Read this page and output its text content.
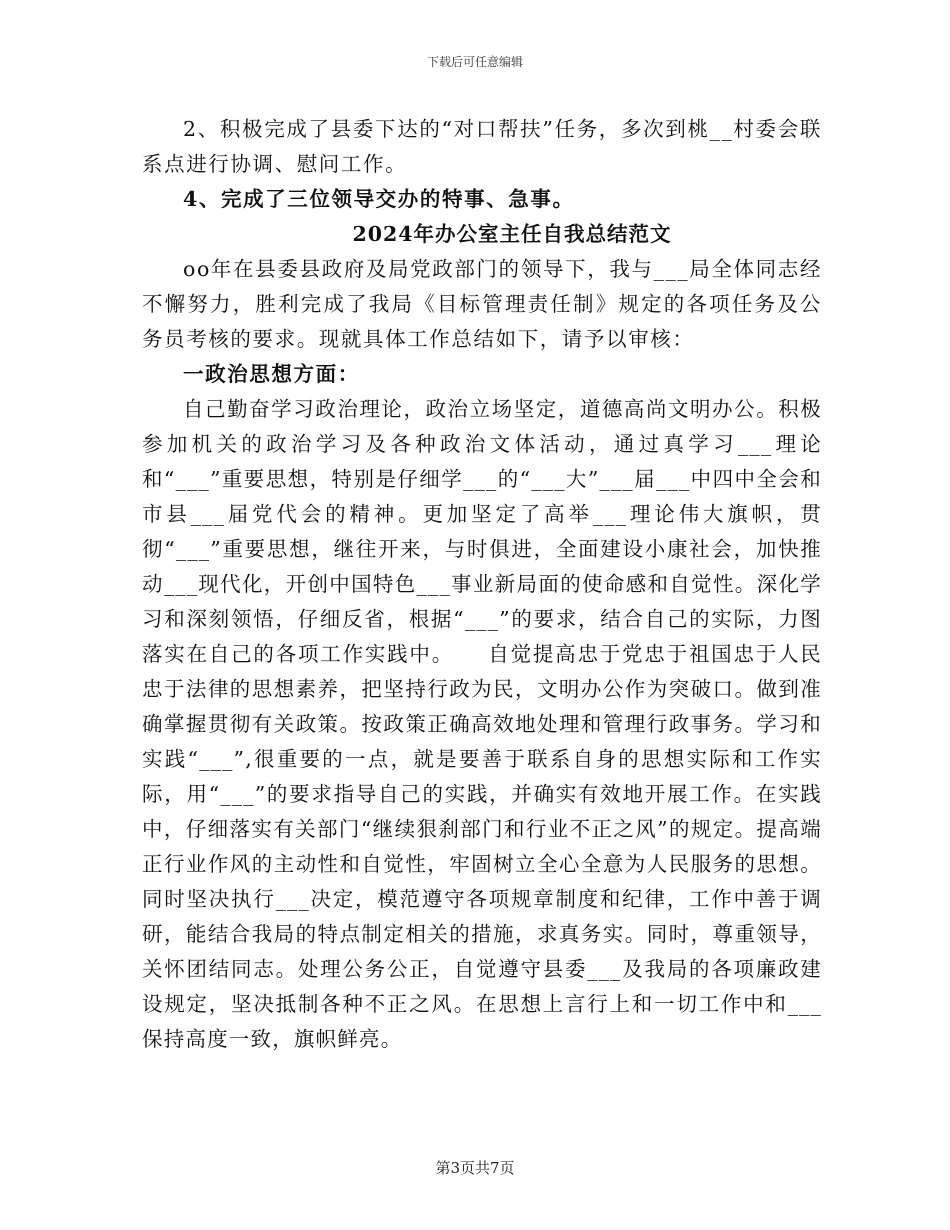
下载后可任意编辑

2、积极完成了县委下达的“对口帮扶”任务，多次到桃__村委会联系点进行协调、慰问工作。

4、完成了三位领导交办的特事、急事。

2024年办公室主任自我总结范文

oo年在县委县政府及局党政部门的领导下，我与___局全体同志经不懈努力，胜利完成了我局《目标管理责任制》规定的各项任务及公务员考核的要求。现就具体工作总结如下，请予以审核：

一政治思想方面：

自己勤奋学习政治理论，政治立场坚定，道德高尚文明办公。积极参加机关的政治学习及各种政治文体活动，通过真学习___理论和“___”重要思想，特别是仔细学___的“___大”___届___中四中全会和市县___届党代会的精神。更加坚定了高举___理论伟大旗帜，贯彻“___”重要思想，继往开来，与时俱进，全面建设小康社会，加快推动___现代化，开创中国特色___事业新局面的使命感和自觉性。深化学习和深刻领悟，仔细反省，根据“___”的要求，结合自己的实际，力图落实在自己的各项工作实践中。　　自觉提高忠于党忠于祖国忠于人民忠于法律的思想素养，把坚持行政为民，文明办公作为突破口。做到准确掌握贯彻有关政策。按政策正确高效地处理和管理行政事务。学习和实践“___”,很重要的一点，就是要善于联系自身的思想实际和工作实际，用“___”的要求指导自己的实践，并确实有效地开展工作。在实践中，仔细落实有关部门“继续狠刹部门和行业不正之风”的规定。提高端正行业作风的主动性和自觉性，牢固树立全心全意为人民服务的思想。同时坚决执行___决定，模范遵守各项规章制度和纪律，工作中善于调研，能结合我局的特点制定相关的措施，求真务实。同时，尊重领导，关怀团结同志。处理公务公正，自觉遵守县委___及我局的各项廉政建设规定，坚决抵制各种不正之风。在思想上言行上和一切工作中和___保持高度一致，旗帜鲜亮。

第3页共7页
